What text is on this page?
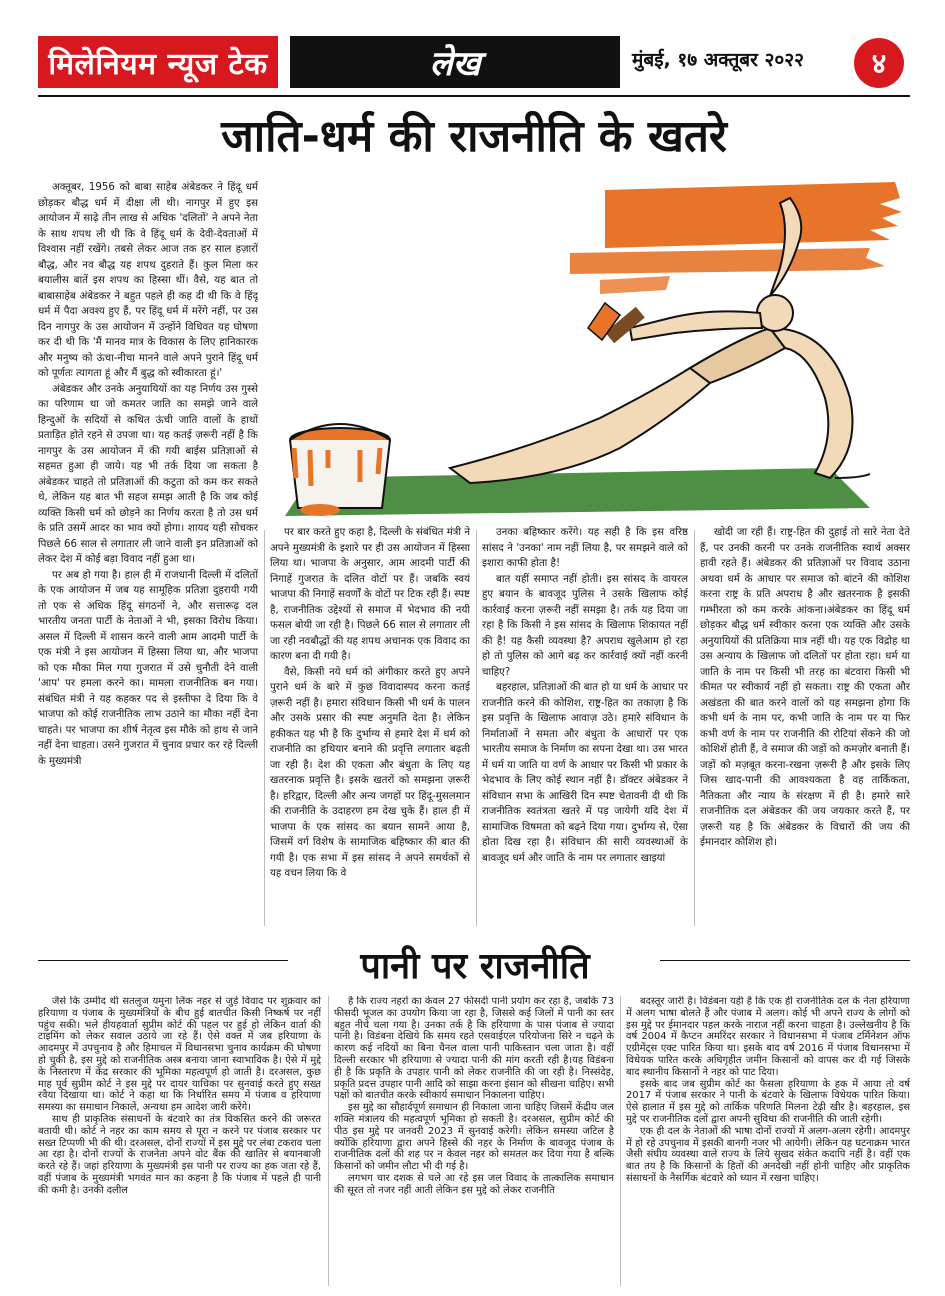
मिलेनियम न्यूज टेक	लेख	मुंबई, १७ अक्तूबर २०२२	४
जाति-धर्म की राजनीति के खतरे

अक्तूबर, 1956 को बाबा साहेब अंबेडकर ने हिंदू धर्म छोड़कर बौद्ध धर्म में दीक्षा ली थी। नागपुर में हुए इस आयोजन में साढ़े तीन लाख से अधिक 'दलितों' ने अपने नेता के साथ शपथ ली थी कि वे हिंदू धर्म के देवी-देवताओं में विश्वास नहीं रखेंगे। तबसे लेकर आज तक हर साल हज़ारों बौद्ध, और नव बौद्ध यह शपथ दुहराते हैं। कुल मिला कर बयालीस बातें इस शपथ का हिस्सा थीं। वैसे, यह बात तो बाबासाहेब अंबेडकर ने बहुत पहले ही कह दी थी कि वे हिंदू धर्म में पैदा अवश्य हुए हैं, पर हिंदू धर्म में मरेंगे नहीं, पर उस दिन नागपुर के उस आयोजन में उन्होंने विधिवत यह घोषणा कर दी थी कि 'मैं मानव मात्र के विकास के लिए हानिकारक और मनुष्य को ऊंचा-नीचा मानने वाले अपने पुराने हिंदू धर्म को पूर्णतः त्यागता हूं और मैं बुद्ध को स्वीकारता हूं।'

अंबेडकर और उनके अनुयायियों का यह निर्णय उस गुस्से का परिणाम था जो कमतर जाति का समझे जाने वाले हिन्दुओं के सदियों से कथित ऊंची जाति वालों के हाथों प्रताड़ित होते रहने से उपजा था। यह कतई ज़रूरी नहीं है कि नागपुर के उस आयोजन में की गयी बाईस प्रतिज्ञाओं से सहमत हुआ ही जाये। यह भी तर्क दिया जा सकता है अंबेडकर चाहते तो प्रतिज्ञाओं की कटुता को कम कर सकते थे, लेकिन यह बात भी सहज समझ आती है कि जब कोई व्यक्ति किसी धर्म को छोड़ने का निर्णय करता है तो उस धर्म के प्रति उसमें आदर का भाव क्यों होगा। शायद यही सोचकर पिछले 66 साल से लगातार ली जाने वाली इन प्रतिज्ञाओं को लेकर देश में कोई बड़ा विवाद नहीं हुआ था।

पर अब हो गया है। हाल ही में राजधानी दिल्ली में दलितों के एक आयोजन में जब यह सामूहिक प्रतिज्ञा दुहरायी गयी तो एक से अधिक हिंदू संगठनों ने, और सत्तारूढ़ दल भारतीय जनता पार्टी के नेताओं ने भी, इसका विरोध किया। असल में दिल्ली में शासन करने वाली आम आदमी पार्टी के एक मंत्री ने इस आयोजन में हिस्सा लिया था, और भाजपा को एक मौका मिल गया गुजरात में उसे चुनौती देने वाली 'आप' पर हमला करने का। मामला राजनीतिक बन गया। संबंधित मंत्री ने यह कहकर पद से इस्तीफा दे दिया कि वे भाजपा को कोई राजनीतिक लाभ उठाने का मौका नहीं देना चाहते। पर भाजपा का शीर्ष नेतृत्व इस मौके को हाथ से जाने नहीं देना चाहता। उसने गुजरात में चुनाव प्रचार कर रहे दिल्ली के मुख्यमंत्री

पर बार करते हुए कहा है, दिल्ली के संबंधित मंत्री ने अपने मुख्यमंत्री के इशारे पर ही उस आयोजन में हिस्सा लिया था। भाजपा के अनुसार, आम आदमी पार्टी की निगाहें गुजरात के दलित वोटों पर हैं। जबकि स्वयं भाजपा की निगाहें सवर्णों के वोटों पर टिक रही हैं। स्पष्ट है, राजनीतिक उद्देश्यों से समाज में भेदभाव की नयी फसल बोयी जा रही है। पिछले 66 साल से लगातार ली जा रही नवबौद्धों की यह शपथ अचानक एक विवाद का कारण बना दी गयी है।

वैसे, किसी नये धर्म को अंगीकार करते हुए अपने पुराने धर्म के बारे में कुछ विवादास्पद करना कतई ज़रूरी नहीं है। हमारा संविधान किसी भी धर्म के पालन और उसके प्रसार की स्पष्ट अनुमति देता है। लेकिन हकीकत यह भी है कि दुर्भाग्य से हमारे देश में धर्म को राजनीति का हथियार बनाने की प्रवृत्ति लगातार बढ़ती जा रही है। देश की एकता और बंधुता के लिए यह खतरनाक प्रवृत्ति है। इसके खतरों को समझना ज़रूरी है। हरिद्वार, दिल्ली और अन्य जगहों पर हिंदू-मुसलमान की राजनीति के उदाहरण हम देख चुके हैं। हाल ही में भाजपा के एक सांसद का बयान सामने आया है, जिसमें वर्ग विशेष के सामाजिक बहिष्कार की बात की गयी है। एक सभा में इस सांसद ने अपने समर्थकों से यह वचन लिया कि वे

उनका बहिष्कार करेंगे। यह सही है कि इस वरिष्ठ सांसद ने 'उनका' नाम नहीं लिया है, पर समझने वाले को इशारा काफी होता है!

बात यहीं समाप्त नहीं होती। इस सांसद के वायरल हुए बयान के बावजूद पुलिस ने उसके खिलाफ कोई कार्रवाई करना ज़रूरी नहीं समझा है। तर्क यह दिया जा रहा है कि किसी ने इस सांसद के खिलाफ शिकायत नहीं की है! यह कैसी व्यवस्था है? अपराध खुलेआम हो रहा हो तो पुलिस को आगे बढ़ कर कार्रवाई क्यों नहीं करनी चाहिए?

बहरहाल, प्रतिज्ञाओं की बात हो या धर्म के आधार पर राजनीति करने की कोशिश, राष्ट्र-हित का तकाज़ा है कि इस प्रवृत्ति के खिलाफ आवाज़ उठे। हमारे संविधान के निर्माताओं ने समता और बंधुता के आधारों पर एक भारतीय समाज के निर्माण का सपना देखा था। उस भारत में धर्म या जाति या वर्ण के आधार पर किसी भी प्रकार के भेदभाव के लिए कोई स्थान नहीं है। डॉक्टर अंबेडकर ने संविधान सभा के आखिरी दिन स्पष्ट चेतावनी दी थी कि राजनीतिक स्वतंत्रता खतरे में पड़ जायेगी यदि देश में सामाजिक विषमता को बढ़ने दिया गया। दुर्भाग्य से, ऐसा होता दिख रहा है। संविधान की सारी व्यवस्थाओं के बावजूद धर्म और जाति के नाम पर लगातार खाइयां

खोदी जा रही हैं। राष्ट्र-हित की दुहाई तो सारे नेता देते हैं, पर उनकी करनी पर उनके राजनीतिक स्वार्थ अक्सर हावी रहते हैं। अंबेडकर की प्रतिज्ञाओं पर विवाद उठाना अथवा धर्म के आधार पर समाज को बांटने की कोशिश करना राष्ट्र के प्रति अपराध है और खतरनाक है इसकी गम्भीरता को कम करके आंकना।अंबेडकर का हिंदू धर्म छोड़कर बौद्ध धर्म स्वीकार करना एक व्यक्ति और उसके अनुयायियों की प्रतिक्रिया मात्र नहीं थी। यह एक विद्रोह था उस अन्याय के खिलाफ जो दलितों पर होता रहा। धर्म या जाति के नाम पर किसी भी तरह का बंटवारा किसी भी कीमत पर स्वीकार्य नहीं हो सकता। राष्ट्र की एकता और अखंडता की बात करने वालों को यह समझना होगा कि कभी धर्म के नाम पर, कभी जाति के नाम पर या फिर कभी वर्ण के नाम पर राजनीति की रोटियां सेंकने की जो कोशिशें होती हैं, वे समाज की जड़ों को कमज़ोर बनाती हैं। जड़ों को मज़बूत करना-रखना ज़रूरी है और इसके लिए जिस खाद-पानी की आवश्यकता है वह तार्किकता, नैतिकता और न्याय के संरक्षण में ही है। हमारे सारे राजनीतिक दल अंबेडकर की जय जयकार करते हैं, पर ज़रूरी यह है कि अंबेडकर के विचारों की जय की ईमानदार कोशिश हो।

पानी पर राजनीति

जैसे कि उम्मीद थी सतलुज यमुना लिंक नहर से जुड़े विवाद पर शुक्रवार को हरियाणा व पंजाब के मुख्यमंत्रियों के बीच हुई बातचीत किसी निष्कर्ष पर नहीं पहुंच सकी। भले हीयहवार्ता सुप्रीम कोर्ट की पहल पर हुई हो लेकिन वार्ता की टाइमिंग को लेकर सवाल उठाये जा रहे हैं। ऐसे वक्त में जब हरियाणा के आदमपुर में उपचुनाव है और हिमाचल में विधानसभा चुनाव कार्यक्रम की घोषणा हो चुकी है, इस मुद्दे को राजनीतिक अस्त्र बनाया जाना स्वाभाविक है। ऐसे में मुद्दे के निस्तारण में केंद्र सरकार की भूमिका महत्वपूर्ण हो जाती है। दरअसल, कुछ माह पूर्व सुप्रीम कोर्ट ने इस मुद्दे पर दायर याचिका पर सुनवाई करते हुए सख्त रवैया दिखाया था। कोर्ट ने कहा था कि निर्धारित समय में पंजाब व हरियाणा समस्या का समाधान निकालें, अन्यथा हम आदेश जारी करेंगे।

साथ ही प्राकृतिक संसाधनों के बंटवारे का तंत्र विकसित करने की जरूरत बतायी थी। कोर्ट ने नहर का काम समय से पूरा न करने पर पंजाब सरकार पर सख्त टिप्पणी भी की थी। दरअसल, दोनों राज्यों में इस मुद्दे पर लंबा टकराव चला आ रहा है। दोनों राज्यों के राजनेता अपने वोट बैंक की खातिर से बयानबाजी करते रहे हैं। जहां हरियाणा के मुख्यमंत्री इस पानी पर राज्य का हक जता रहे हैं, वहीं पंजाब के मुख्यमंत्री भगवंत मान का कहना है कि पंजाब में पहले ही पानी की कमी है। उनकी दलील

है कि राज्य नहरों का केवल 27 फीसदी पानी प्रयोग कर रहा है, जबकि 73 फीसदी भूजल का उपयोग किया जा रहा है, जिससे कई जिलों में पानी का स्तर बहुत नीचे चला गया है। उनका तर्क है कि हरियाणा के पास पंजाब से ज्यादा पानी है। विडंबना देखिये कि समय रहते एसवाईएल परियोजना सिरे न चढ़ने के कारण कई नदियों का बिना चैनल वाला पानी पाकिस्तान चला जाता है। वहीं दिल्ली सरकार भी हरियाणा से ज्यादा पानी की मांग करती रही है।यह विडंबना ही है कि प्रकृति के उपहार पानी को लेकर राजनीति की जा रही है। निस्संदेह, प्रकृति प्रदत्त उपहार पानी आदि को साझा करना इंसान को सीखना चाहिए। सभी पक्षों को बातचीत करके स्वीकार्य समाधान निकालना चाहिए।

इस मुद्दे का सौहार्दपूर्ण समाधान ही निकाला जाना चाहिए जिसमें केंद्रीय जल शक्ति मंत्रालय की महत्वपूर्ण भूमिका हो सकती है। दरअसल, सुप्रीम कोर्ट की पीठ इस मुद्दे पर जनवरी 2023 में सुनवाई करेगी। लेकिन समस्या जटिल है क्योंकि हरियाणा द्वारा अपने हिस्से की नहर के निर्माण के बावजूद पंजाब के राजनीतिक दलों की शह पर न केवल नहर को समतल कर दिया गया है बल्कि किसानों को जमीन लौटा भी दी गई है।

लगभग चार दशक से चले आ रहे इस जल विवाद के तात्कालिक समाधान की सूरत तो नजर नहीं आती लेकिन इस मुद्दे को लेकर राजनीति

बदस्तूर जारी है। विडंबना यही है कि एक ही राजनीतिक दल के नेता हरियाणा में अलग भाषा बोलते हैं और पंजाब में अलग। कोई भी अपने राज्य के लोगों को इस मुद्दे पर ईमानदार पहल करके नाराज नहीं करना चाहता है। उल्लेखनीय है कि वर्ष 2004 में कैप्टन अमरिंदर सरकार ने विधानसभा में पंजाब टर्मिनेशन ऑफ एग्रीमेंट्स एक्ट पारित किया था। इसके बाद वर्ष 2016 में पंजाब विधानसभा में विधेयक पारित करके अधिगृहीत जमीन किसानों को वापस कर दी गई जिसके बाद स्थानीय किसानों ने नहर को पाट दिया।

इसके बाद जब सुप्रीम कोर्ट का फैसला हरियाणा के हक में आया तो वर्ष 2017 में पंजाब सरकार ने पानी के बंटवारे के खिलाफ विधेयक पारित किया। ऐसे हालात में इस मुद्दे को तार्किक परिणति मिलना टेढ़ी खीर है। बहरहाल, इस मुद्दे पर राजनीतिक दलों द्वारा अपनी सुविधा की राजनीति की जाती रहेगी।

एक ही दल के नेताओं की भाषा दोनों राज्यों में अलग-अलग रहेगी। आदमपुर में हो रहे उपचुनाव में इसकी बानगी नजर भी आयेगी। लेकिन यह घटनाक्रम भारत जैसी संघीय व्यवस्था वाले राज्य के लिये सुखद संकेत कदापि नहीं है। वहीं एक बात तय है कि किसानों के हितों की अनदेखी नहीं होनी चाहिए और प्राकृतिक संसाधनों के नैसर्गिक बंटवारे को ध्यान में रखना चाहिए।
